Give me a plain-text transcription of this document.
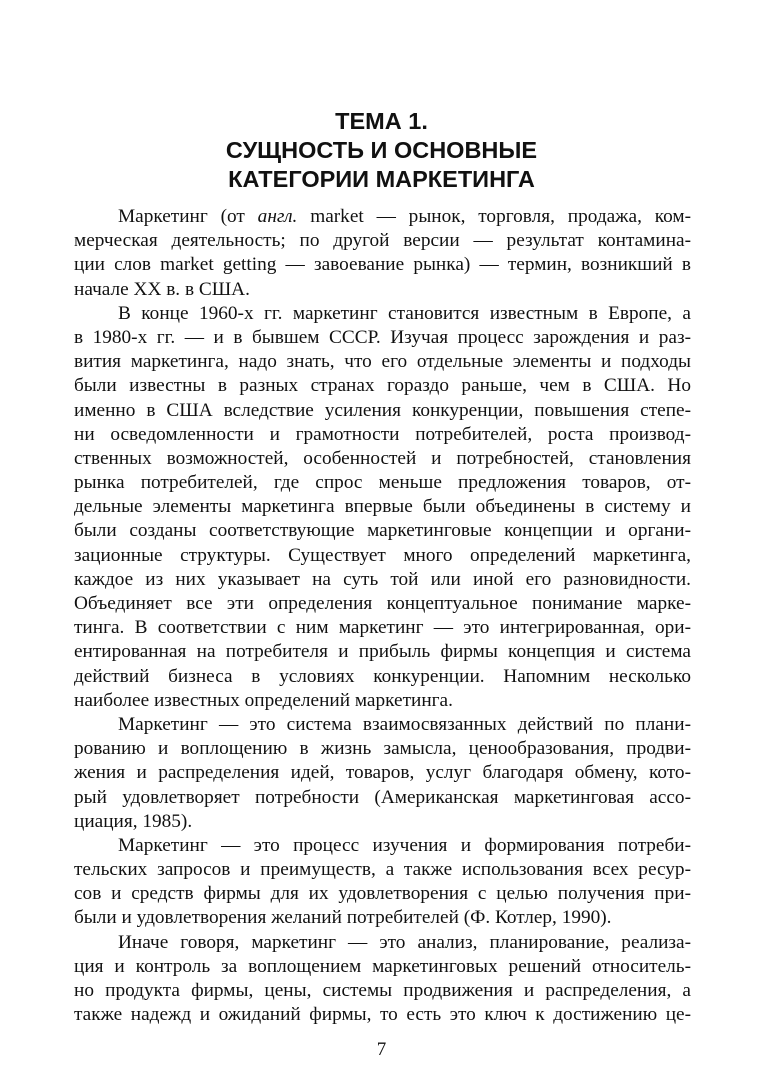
ТЕМА 1.
СУЩНОСТЬ И ОСНОВНЫЕ
КАТЕГОРИИ МАРКЕТИНГА

Маркетинг (от англ. market — рынок, торговля, продажа, ком-
мерческая деятельность; по другой версии — результат контамина-
ции слов market getting — завоевание рынка) — термин, возникший в
начале XX в. в США.

В конце 1960-х гг. маркетинг становится известным в Европе, а
в 1980-х гг. — и в бывшем СССР. Изучая процесс зарождения и раз-
вития маркетинга, надо знать, что его отдельные элементы и подходы
были известны в разных странах гораздо раньше, чем в США. Но
именно в США вследствие усиления конкуренции, повышения степе-
ни осведомленности и грамотности потребителей, роста производ-
ственных возможностей, особенностей и потребностей, становления
рынка потребителей, где спрос меньше предложения товаров, от-
дельные элементы маркетинга впервые были объединены в систему и
были созданы соответствующие маркетинговые концепции и органи-
зационные структуры. Существует много определений маркетинга,
каждое из них указывает на суть той или иной его разновидности.
Объединяет все эти определения концептуальное понимание марке-
тинга. В соответствии с ним маркетинг — это интегрированная, ори-
ентированная на потребителя и прибыль фирмы концепция и система
действий бизнеса в условиях конкуренции. Напомним несколько
наиболее известных определений маркетинга.

Маркетинг — это система взаимосвязанных действий по плани-
рованию и воплощению в жизнь замысла, ценообразования, продви-
жения и распределения идей, товаров, услуг благодаря обмену, кото-
рый удовлетворяет потребности (Американская маркетинговая ассо-
циация, 1985).

Маркетинг — это процесс изучения и формирования потреби-
тельских запросов и преимуществ, а также использования всех ресур-
сов и средств фирмы для их удовлетворения с целью получения при-
были и удовлетворения желаний потребителей (Ф. Котлер, 1990).

Иначе говоря, маркетинг — это анализ, планирование, реализа-
ция и контроль за воплощением маркетинговых решений относитель-
но продукта фирмы, цены, системы продвижения и распределения, а
также надежд и ожиданий фирмы, то есть это ключ к достижению це-

7
